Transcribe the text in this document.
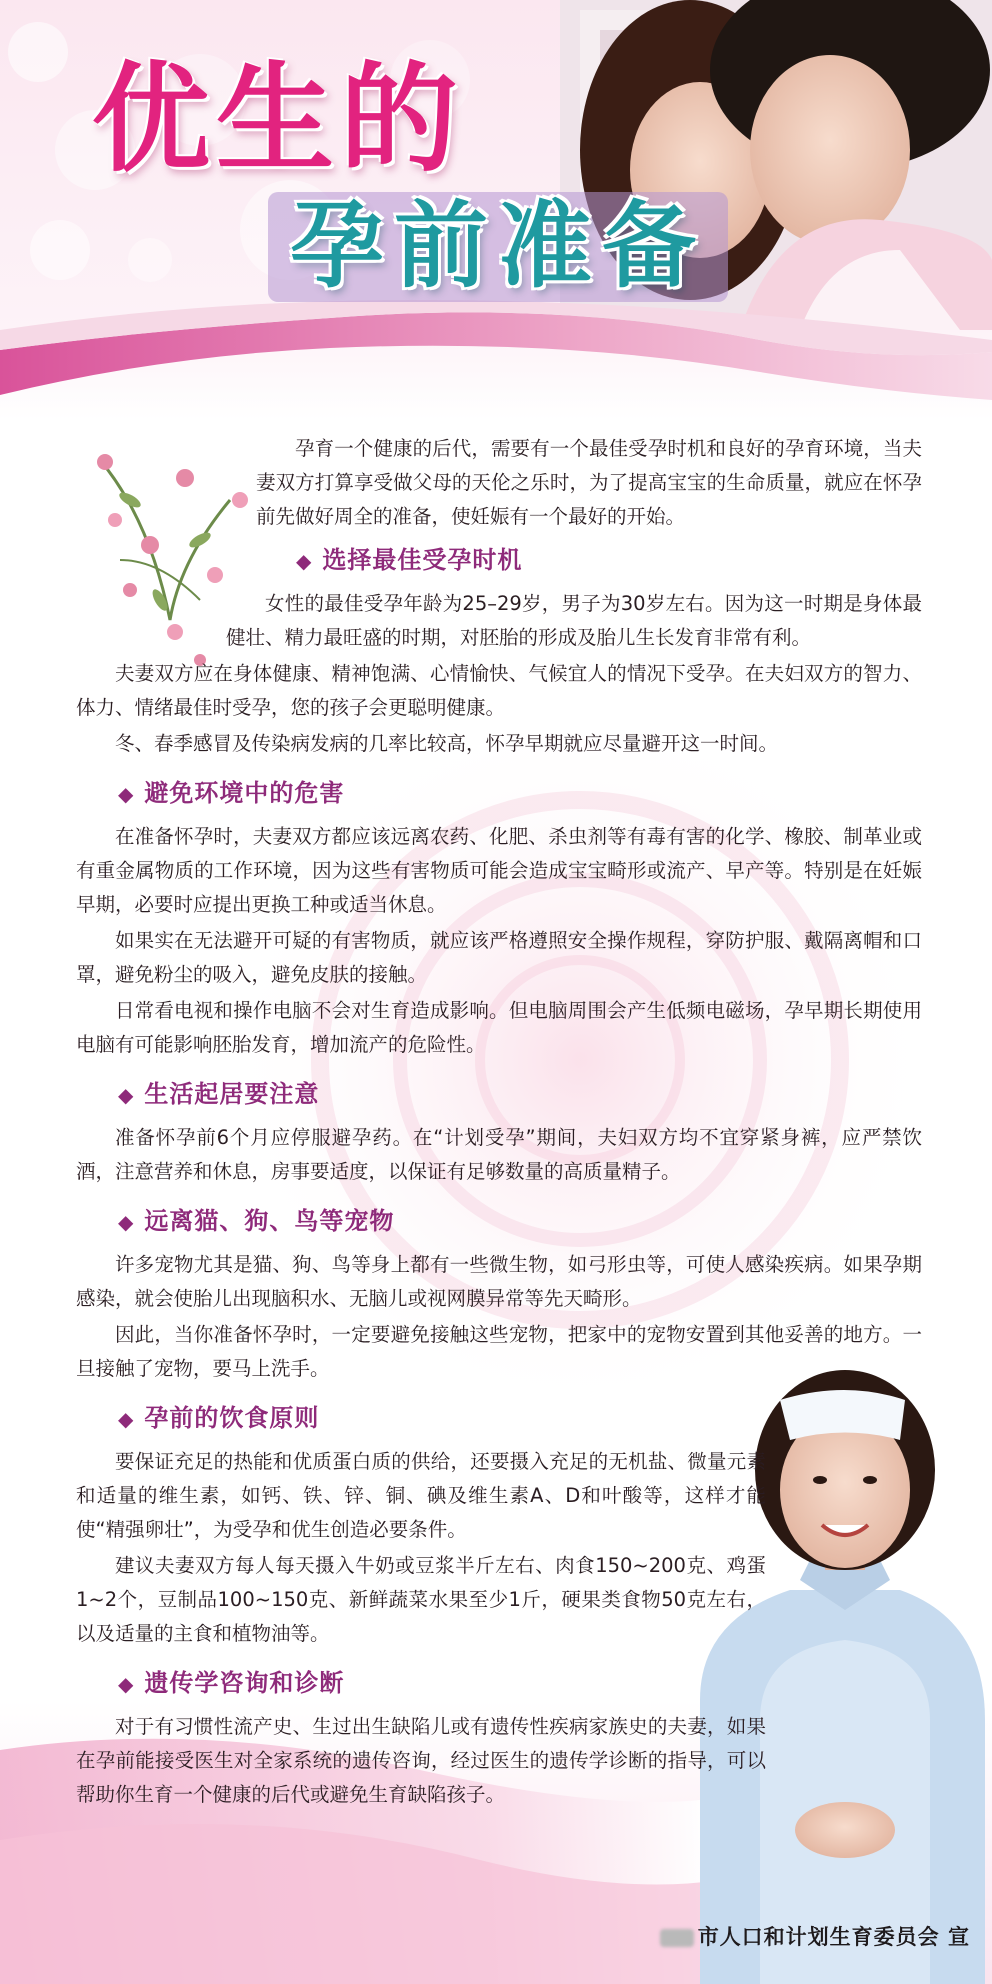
优生的
孕前准备

孕育一个健康的后代，需要有一个最佳受孕时机和良好的孕育环境，当夫妻双方打算享受做父母的天伦之乐时，为了提高宝宝的生命质量，就应在怀孕前先做好周全的准备，使妊娠有一个最好的开始。

◆ 选择最佳受孕时机

女性的最佳受孕年龄为25–29岁，男子为30岁左右。因为这一时期是身体最健壮、精力最旺盛的时期，对胚胎的形成及胎儿生长发育非常有利。

夫妻双方应在身体健康、精神饱满、心情愉快、气候宜人的情况下受孕。在夫妇双方的智力、体力、情绪最佳时受孕，您的孩子会更聪明健康。

冬、春季感冒及传染病发病的几率比较高，怀孕早期就应尽量避开这一时间。

◆ 避免环境中的危害

在准备怀孕时，夫妻双方都应该远离农药、化肥、杀虫剂等有毒有害的化学、橡胶、制革业或有重金属物质的工作环境，因为这些有害物质可能会造成宝宝畸形或流产、早产等。特别是在妊娠早期，必要时应提出更换工种或适当休息。

如果实在无法避开可疑的有害物质，就应该严格遵照安全操作规程，穿防护服、戴隔离帽和口罩，避免粉尘的吸入，避免皮肤的接触。

日常看电视和操作电脑不会对生育造成影响。但电脑周围会产生低频电磁场，孕早期长期使用电脑有可能影响胚胎发育，增加流产的危险性。

◆ 生活起居要注意

准备怀孕前6个月应停服避孕药。在“计划受孕”期间，夫妇双方均不宜穿紧身裤，应严禁饮酒，注意营养和休息，房事要适度，以保证有足够数量的高质量精子。

◆ 远离猫、狗、鸟等宠物

许多宠物尤其是猫、狗、鸟等身上都有一些微生物，如弓形虫等，可使人感染疾病。如果孕期感染，就会使胎儿出现脑积水、无脑儿或视网膜异常等先天畸形。

因此，当你准备怀孕时，一定要避免接触这些宠物，把家中的宠物安置到其他妥善的地方。一旦接触了宠物，要马上洗手。

◆ 孕前的饮食原则

要保证充足的热能和优质蛋白质的供给，还要摄入充足的无机盐、微量元素和适量的维生素，如钙、铁、锌、铜、碘及维生素A、D和叶酸等，这样才能使“精强卵壮”，为受孕和优生创造必要条件。

建议夫妻双方每人每天摄入牛奶或豆浆半斤左右、肉食150~200克、鸡蛋1~2个，豆制品100~150克、新鲜蔬菜水果至少1斤，硬果类食物50克左右，以及适量的主食和植物油等。

◆ 遗传学咨询和诊断

对于有习惯性流产史、生过出生缺陷儿或有遗传性疾病家族史的夫妻，如果在孕前能接受医生对全家系统的遗传咨询，经过医生的遗传学诊断的指导，可以帮助你生育一个健康的后代或避免生育缺陷孩子。

市人口和计划生育委员会 宣
